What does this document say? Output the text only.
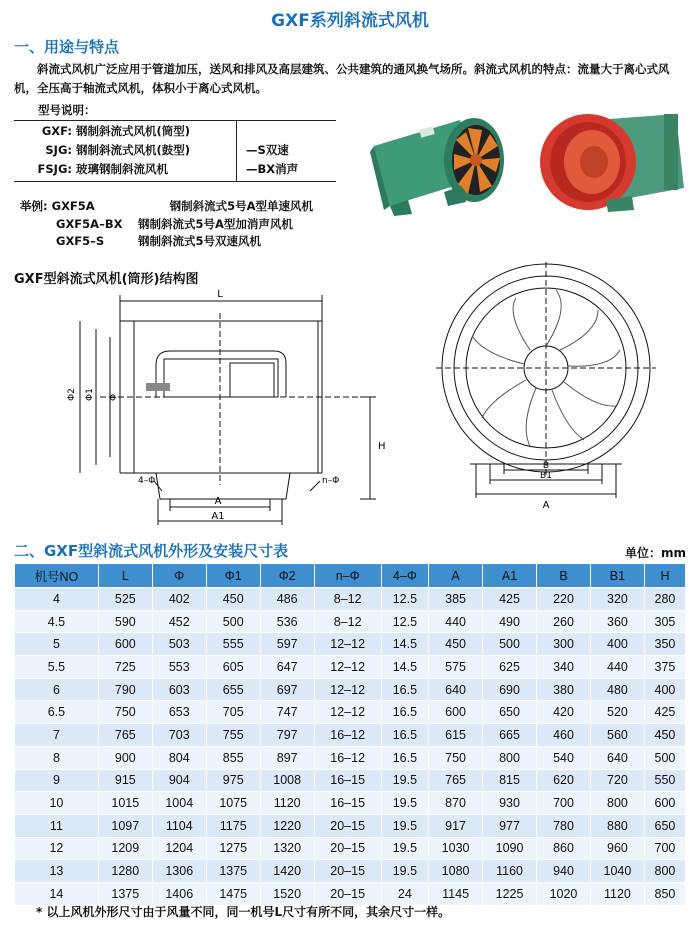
GXF系列斜流式风机
一、用途与特点
斜流式风机广泛应用于管道加压，送风和排风及高层建筑、公共建筑的通风换气场所。斜流式风机的特点：流量大于离心式风机，全压高于轴流式风机，体积小于离心式风机。
型号说明：
GXF: 钢制斜流式风机(筒型)
SJG: 钢制斜流式风机(鼓型)
FSJG: 玻璃钢制斜流风机
—S双速
—BX消声
举例: GXF5A	钢制斜流式5号A型单速风机
GXF5A–BX 钢制斜流式5号A型加消声风机
GXF5–S	钢制斜流式5号双速风机
GXF型斜流式风机(筒形)结构图
L
Φ2 Φ1 Φ
H
4–Φ	n–Φ
A
A1
B
B1
A
二、GXF型斜流式风机外形及安装尺寸表	单位：mm
机号NO	L	Φ	Φ1	Φ2	n–Φ	4–Φ	A	A1	B	B1	H
4	525	402	450	486	8–12	12.5	385	425	220	320	280
4.5	590	452	500	536	8–12	12.5	440	490	260	360	305
5	600	503	555	597	12–12	14.5	450	500	300	400	350
5.5	725	553	605	647	12–12	14.5	575	625	340	440	375
6	790	603	655	697	12–12	16.5	640	690	380	480	400
6.5	750	653	705	747	12–12	16.5	600	650	420	520	425
7	765	703	755	797	16–12	16.5	615	665	460	560	450
8	900	804	855	897	16–12	16.5	750	800	540	640	500
9	915	904	975	1008	16–15	19.5	765	815	620	720	550
10	1015	1004	1075	1120	16–15	19.5	870	930	700	800	600
11	1097	1104	1175	1220	20–15	19.5	917	977	780	880	650
12	1209	1204	1275	1320	20–15	19.5	1030	1090	860	960	700
13	1280	1306	1375	1420	20–15	19.5	1080	1160	940	1040	800
14	1375	1406	1475	1520	20–15	24	1145	1225	1020	1120	850
* 以上风机外形尺寸由于风量不同，同一机号L尺寸有所不同，其余尺寸一样。
